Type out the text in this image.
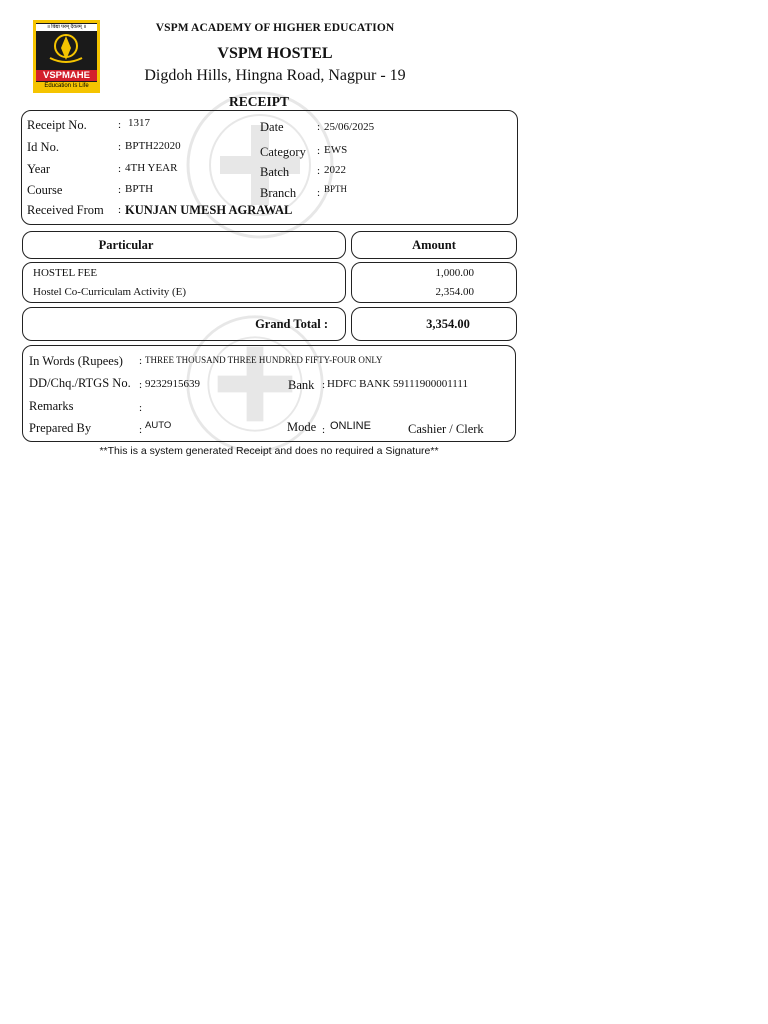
॥ विद्या परम् दैवतम् ॥
VSPMAHE
Education Is Life
VSPM ACADEMY OF HIGHER EDUCATION
VSPM HOSTEL
Digdoh Hills, Hingna Road, Nagpur - 19
RECEIPT
Receipt No.	: 1317
Id No.	: BPTH22020
Year	: 4TH YEAR
Course	: BPTH
Received From : KUNJAN UMESH AGRAWAL
Date	: 25/06/2025
Category : EWS
Batch	: 2022
Branch : BPTH
Particular	Amount
HOSTEL FEE	1,000.00
Hostel Co-Curriculam Activity (E)	2,354.00
Grand Total :	3,354.00
In Words (Rupees) : THREE THOUSAND THREE HUNDRED FIFTY-FOUR ONLY
DD/Chq./RTGS No. : 9232915639	Bank : HDFC BANK 59111900001111
Remarks	:
Prepared By	: AUTO	Mode : ONLINE	Cashier / Clerk
**This is a system generated Receipt and does no required a Signature**
